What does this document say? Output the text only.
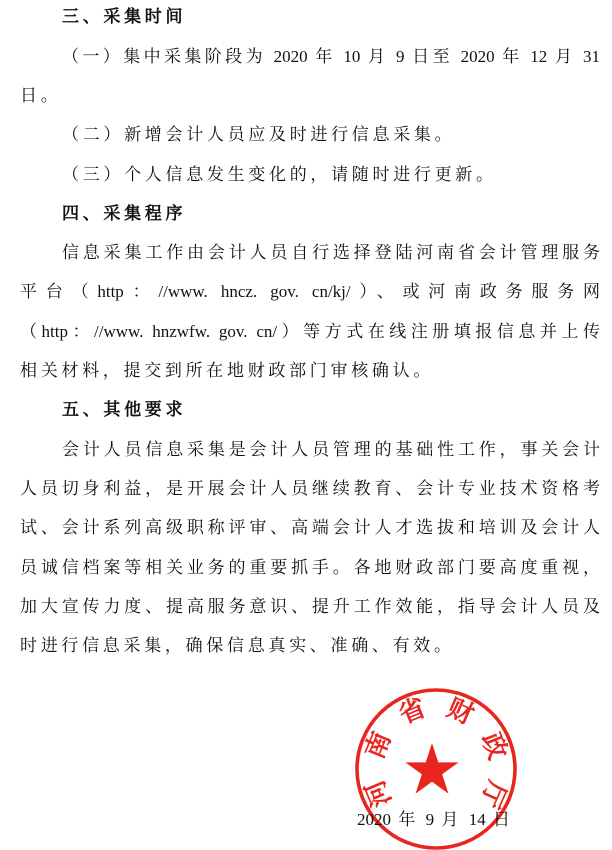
三、采集时间
（一）集中采集阶段为 2020 年 10 月 9 日至 2020 年 12 月 31
日。
（二）新增会计人员应及时进行信息采集。
（三）个人信息发生变化的，请随时进行更新。
四、采集程序
信息采集工作由会计人员自行选择登陆河南省会计管理服务
平台（http：//www. hncz. gov. cn/kj/）、或河南政务服务网
（http：//www. hnzwfw. gov. cn/）等方式在线注册填报信息并上传
相关材料，提交到所在地财政部门审核确认。
五、其他要求
会计人员信息采集是会计人员管理的基础性工作，事关会计
人员切身利益，是开展会计人员继续教育、会计专业技术资格考
试、会计系列高级职称评审、高端会计人才选拔和培训及会计人
员诚信档案等相关业务的重要抓手。各地财政部门要高度重视，
加大宣传力度、提高服务意识、提升工作效能，指导会计人员及
时进行信息采集，确保信息真实、准确、有效。
2020 年 9 月 14 日
河
南
省 财
政
厅
